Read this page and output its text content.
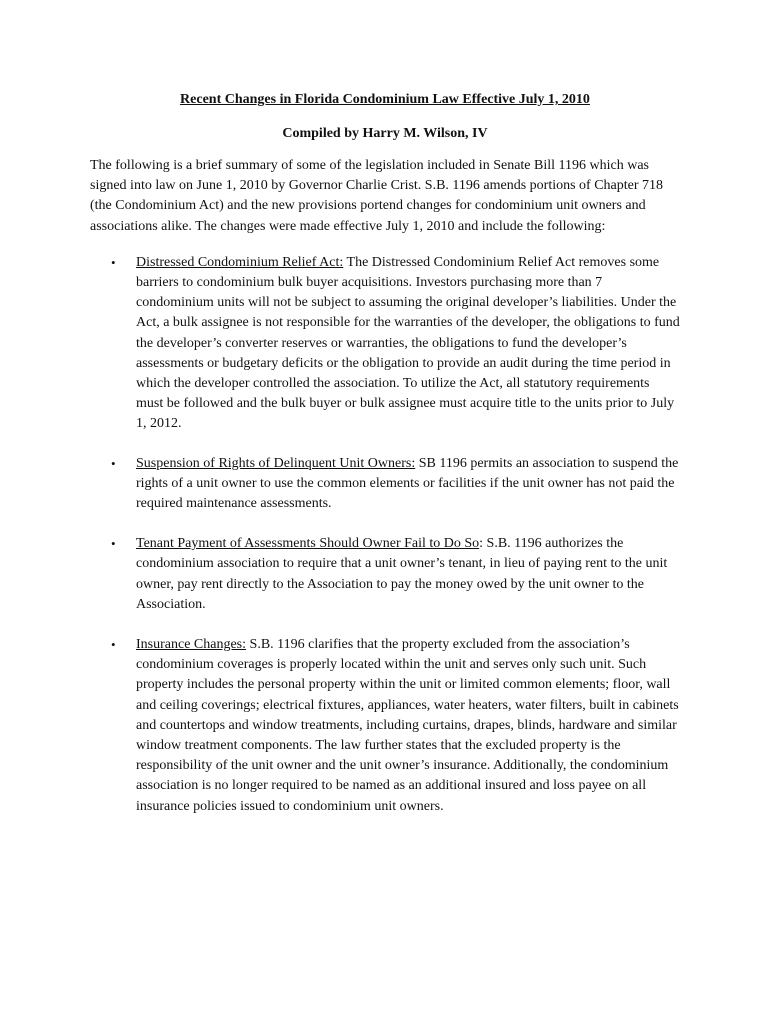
Recent Changes in Florida Condominium Law Effective July 1, 2010

Compiled by Harry M. Wilson, IV

The following is a brief summary of some of the legislation included in Senate Bill 1196 which was signed into law on June 1, 2010 by Governor Charlie Crist. S.B. 1196 amends portions of Chapter 718 (the Condominium Act) and the new provisions portend changes for condominium unit owners and associations alike. The changes were made effective July 1, 2010 and include the following:

• Distressed Condominium Relief Act: The Distressed Condominium Relief Act removes some barriers to condominium bulk buyer acquisitions. Investors purchasing more than 7 condominium units will not be subject to assuming the original developer’s liabilities. Under the Act, a bulk assignee is not responsible for the warranties of the developer, the obligations to fund the developer’s converter reserves or warranties, the obligations to fund the developer’s assessments or budgetary deficits or the obligation to provide an audit during the time period in which the developer controlled the association. To utilize the Act, all statutory requirements must be followed and the bulk buyer or bulk assignee must acquire title to the units prior to July 1, 2012.
• Suspension of Rights of Delinquent Unit Owners: SB 1196 permits an association to suspend the rights of a unit owner to use the common elements or facilities if the unit owner has not paid the required maintenance assessments.
• Tenant Payment of Assessments Should Owner Fail to Do So: S.B. 1196 authorizes the condominium association to require that a unit owner’s tenant, in lieu of paying rent to the unit owner, pay rent directly to the Association to pay the money owed by the unit owner to the Association.
• Insurance Changes: S.B. 1196 clarifies that the property excluded from the association’s condominium coverages is properly located within the unit and serves only such unit. Such property includes the personal property within the unit or limited common elements; floor, wall and ceiling coverings; electrical fixtures, appliances, water heaters, water filters, built in cabinets and countertops and window treatments, including curtains, drapes, blinds, hardware and similar window treatment components. The law further states that the excluded property is the responsibility of the unit owner and the unit owner’s insurance. Additionally, the condominium association is no longer required to be named as an additional insured and loss payee on all insurance policies issued to condominium unit owners.
